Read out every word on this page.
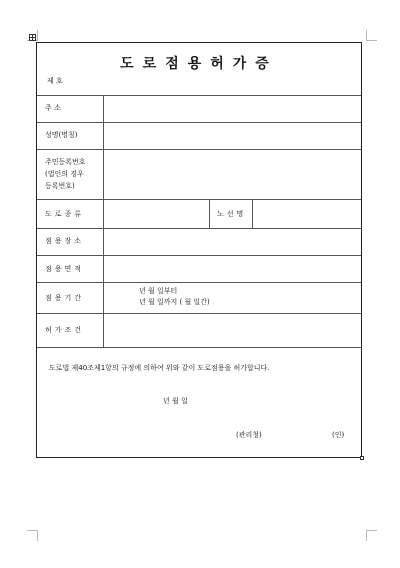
도로점용허가증
제 호
주 소
성명(명칭)
주민등록번호
(법인의 경우
등록번호)
도로종류	노선명
점용장소
점용면적
점용기간
허가조건
년 월 일부터
년 월 일까지 ( 월 일간)
도로법 제40조제1항의 규정에 의하여 위와 같이 도로점용을 허가합니다.
년 월 일
(관리청)	(인)
